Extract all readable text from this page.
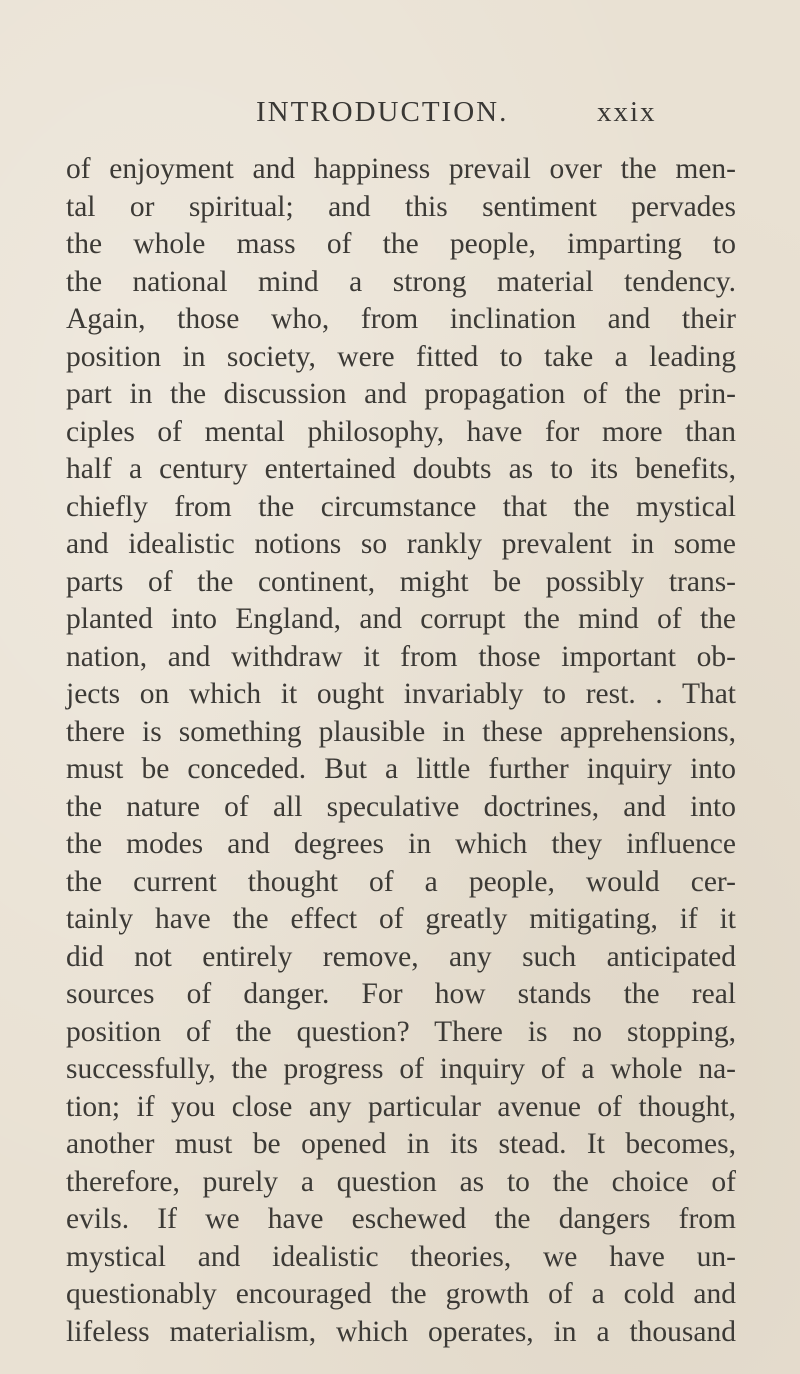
INTRODUCTION.	xxix
of enjoyment and happiness prevail over the men-
tal or spiritual; and this sentiment pervades
the whole mass of the people, imparting to
the national mind a strong material tendency.
Again, those who, from inclination and their
position in society, were fitted to take a leading
part in the discussion and propagation of the prin-
ciples of mental philosophy, have for more than
half a century entertained doubts as to its benefits,
chiefly from the circumstance that the mystical
and idealistic notions so rankly prevalent in some
parts of the continent, might be possibly trans-
planted into England, and corrupt the mind of the
nation, and withdraw it from those important ob-
jects on which it ought invariably to rest. . That
there is something plausible in these apprehensions,
must be conceded. But a little further inquiry into
the nature of all speculative doctrines, and into
the modes and degrees in which they influence
the current thought of a people, would cer-
tainly have the effect of greatly mitigating, if it
did not entirely remove, any such anticipated
sources of danger. For how stands the real
position of the question? There is no stopping,
successfully, the progress of inquiry of a whole na-
tion; if you close any particular avenue of thought,
another must be opened in its stead. It becomes,
therefore, purely a question as to the choice of
evils. If we have eschewed the dangers from
mystical and idealistic theories, we have un-
questionably encouraged the growth of a cold and
lifeless materialism, which operates, in a thousand
